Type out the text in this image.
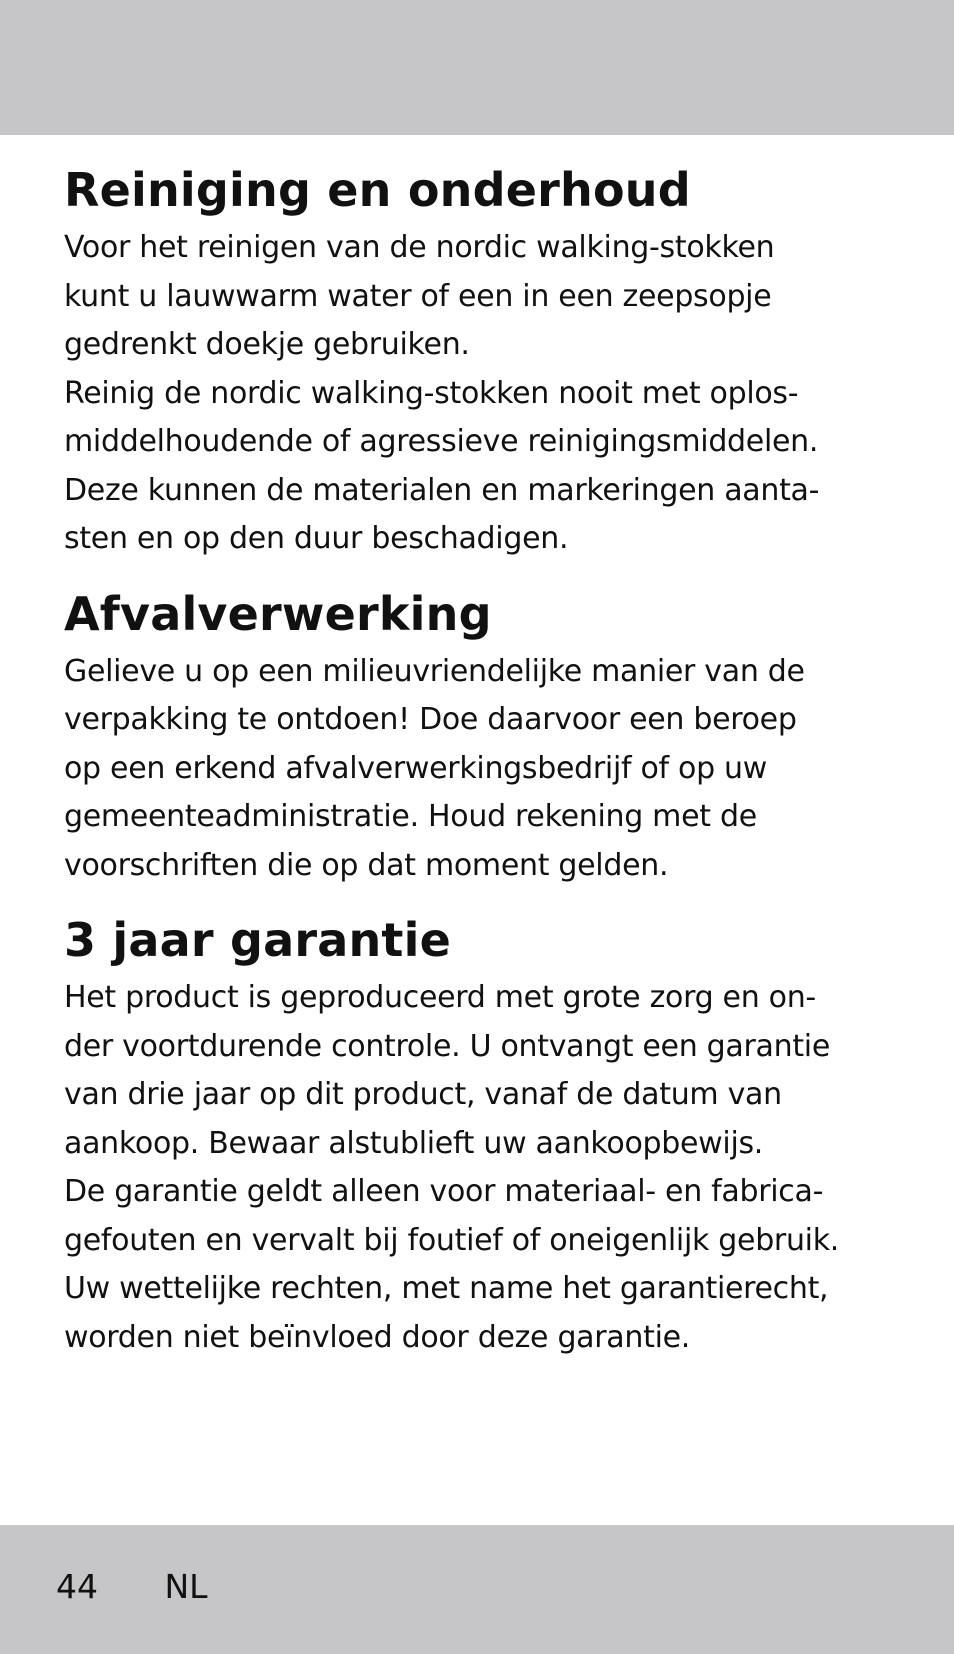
Reiniging en onderhoud
Voor het reinigen van de nordic walking-stokken
kunt u lauwwarm water of een in een zeepsopje
gedrenkt doekje gebruiken.
Reinig de nordic walking-stokken nooit met oplos-
middelhoudende of agressieve reinigingsmiddelen.
Deze kunnen de materialen en markeringen aanta-
sten en op den duur beschadigen.
Afvalverwerking
Gelieve u op een milieuvriendelijke manier van de
verpakking te ontdoen! Doe daarvoor een beroep
op een erkend afvalverwerkingsbedrijf of op uw
gemeenteadministratie. Houd rekening met de
voorschriften die op dat moment gelden.
3 jaar garantie
Het product is geproduceerd met grote zorg en on-
der voortdurende controle. U ontvangt een garantie
van drie jaar op dit product, vanaf de datum van
aankoop. Bewaar alstublieft uw aankoopbewijs.
De garantie geldt alleen voor materiaal- en fabrica-
gefouten en vervalt bij foutief of oneigenlijk gebruik.
Uw wettelijke rechten, met name het garantierecht,
worden niet beïnvloed door deze garantie.
44 NL
